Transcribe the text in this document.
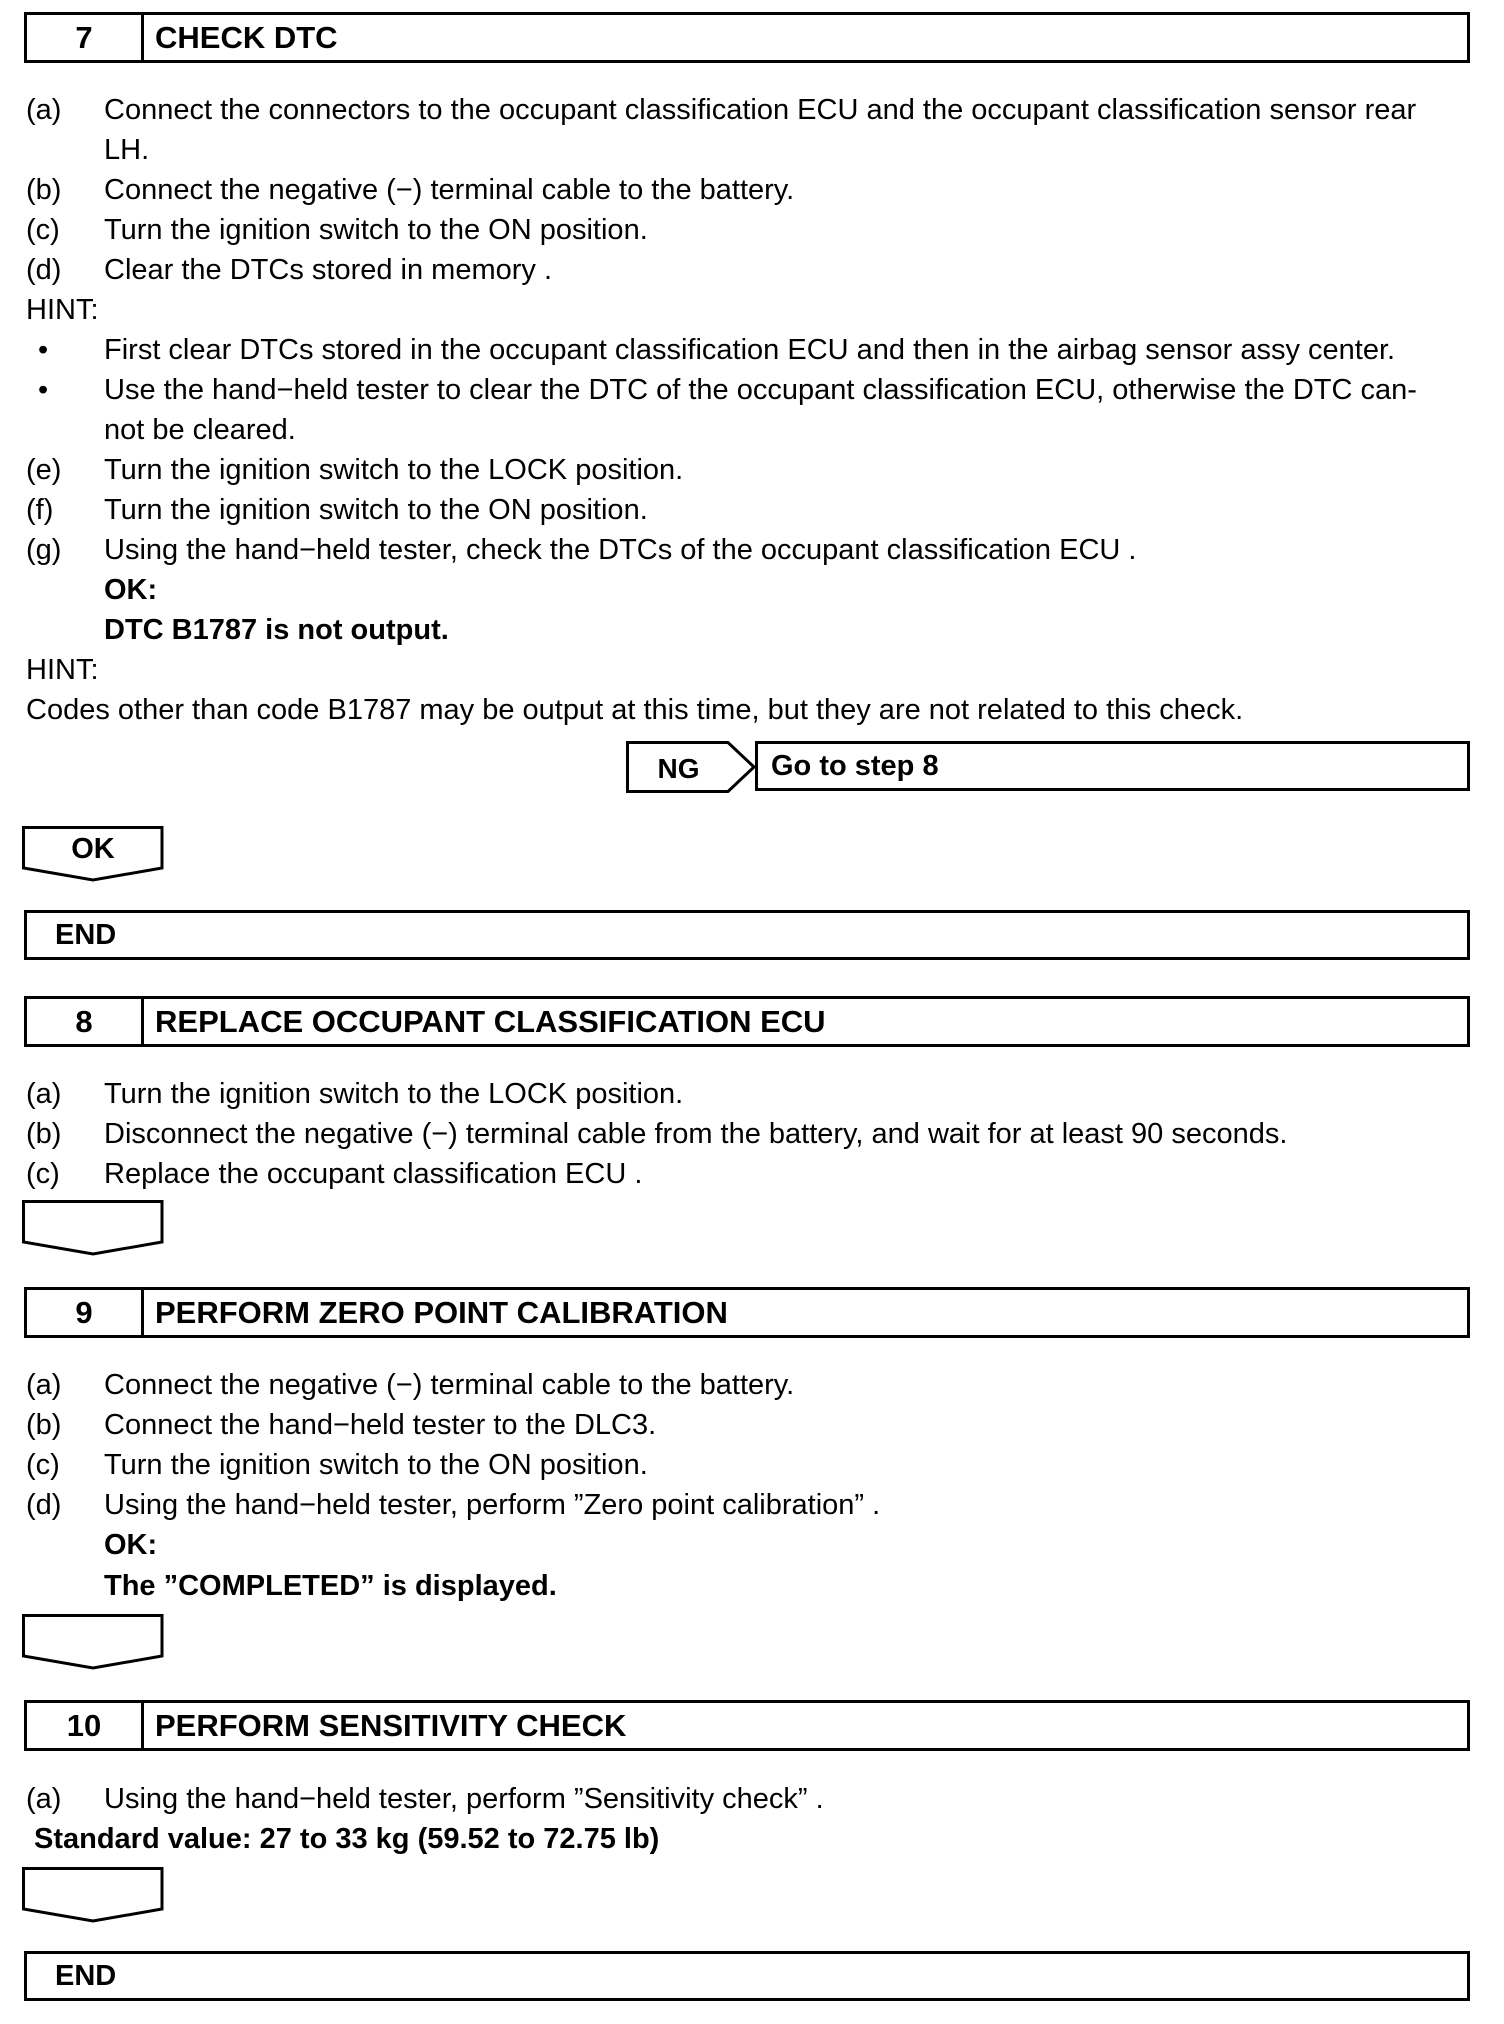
7	CHECK DTC
(a) Connect the connectors to the occupant classification ECU and the occupant classification sensor rear
LH.
(b) Connect the negative (−) terminal cable to the battery.
(c) Turn the ignition switch to the ON position.
(d) Clear the DTCs stored in memory .
HINT:
•	First clear DTCs stored in the occupant classification ECU and then in the airbag sensor assy center.
•	Use the hand−held tester to clear the DTC of the occupant classification ECU, otherwise the DTC can-
not be cleared.
(e) Turn the ignition switch to the LOCK position.
(f) Turn the ignition switch to the ON position.
(g) Using the hand−held tester, check the DTCs of the occupant classification ECU .
OK:
DTC B1787 is not output.
HINT:
Codes other than code B1787 may be output at this time, but they are not related to this check.
NG	Go to step 8
OK
END
8	REPLACE OCCUPANT CLASSIFICATION ECU
(a) Turn the ignition switch to the LOCK position.
(b) Disconnect the negative (−) terminal cable from the battery, and wait for at least 90 seconds.
(c) Replace the occupant classification ECU .
9	PERFORM ZERO POINT CALIBRATION
(a) Connect the negative (−) terminal cable to the battery.
(b) Connect the hand−held tester to the DLC3.
(c) Turn the ignition switch to the ON position.
(d) Using the hand−held tester, perform ”Zero point calibration” .
OK:
The ”COMPLETED” is displayed.
10	PERFORM SENSITIVITY CHECK
(a) Using the hand−held tester, perform ”Sensitivity check” .
Standard value: 27 to 33 kg (59.52 to 72.75 lb)
END
